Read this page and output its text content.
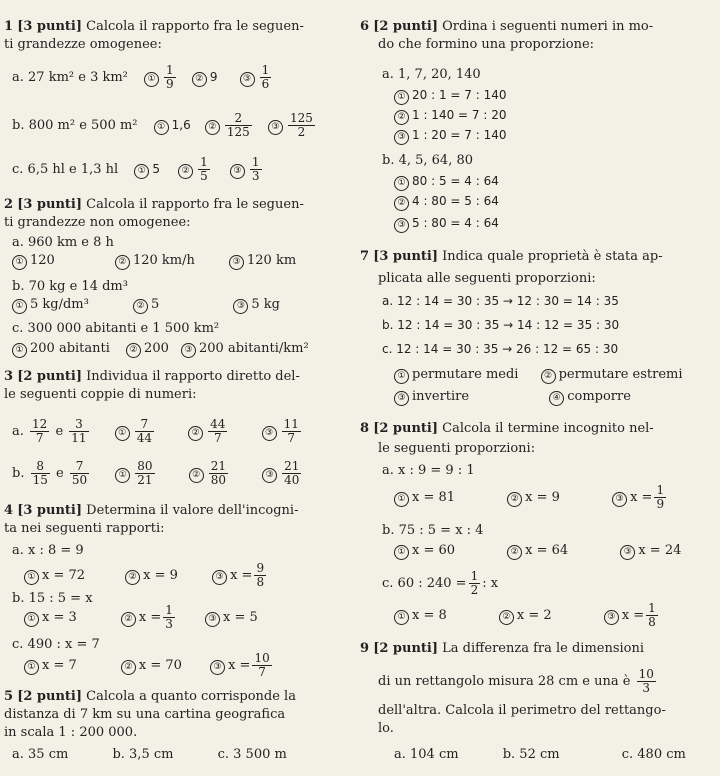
1 [3 punti] Calcola il rapporto fra le seguen-
ti grandezze omogenee:
a. 27 km² e 3 km² ① $\frac{1}{9}$ ② 9	③ $\frac{1}{6}$
b. 800 m² e 500 m² ① 1,6 ② $\frac{2}{125}$ ③ $\frac{125}{2}$
c. 6,5 hl e 1,3 hl ① 5 ② $\frac{1}{5}$	③ $\frac{1}{3}$
2 [3 punti] Calcola il rapporto fra le seguen-
ti grandezze non omogenee:
a. 960 km e 8 h
① 120	② 120 km/h	③ 120 km
b. 70 kg e 14 dm³
① 5 kg/dm³	② 5	③ 5 kg
c. 300 000 abitanti e 1 500 km²
① 200 abitanti ② 200 ③ 200 abitanti/km²
3 [2 punti] Individua il rapporto diretto del-
le seguenti coppie di numeri:
a. $\frac{12}{7}$ e $\frac{3}{11}$	① $\frac{7}{44}$	② $\frac{44}{7}$	③ $\frac{11}{7}$
b. $\frac{8}{15}$ e $\frac{7}{50}$	① $\frac{80}{21}$	② $\frac{21}{80}$	③ $\frac{21}{40}$
4 [3 punti] Determina il valore dell'incogni-
ta nei seguenti rapporti:
a. x : 8 = 9
① x = 72	② x = 9	③ $x = \frac{9}{8}$
b. 15 : 5 = x
① x = 3	② $x = \frac{1}{3}$	③ x = 5
c. 490 : x = 7
① x = 7	② x = 70	③ $x = \frac{10}{7}$
5 [2 punti] Calcola a quanto corrisponde la
distanza di 7 km su una cartina geografica
in scala 1 : 200 000.
a. 35 cm	b. 3,5 cm	c. 3 500 m
6 [2 punti] Ordina i seguenti numeri in mo-
do che formino una proporzione:
a. 1, 7, 20, 140
① 20 : 1 = 7 : 140
② 1 : 140 = 7 : 20
③ 1 : 20 = 7 : 140
b. 4, 5, 64, 80
① 80 : 5 = 4 : 64
② 4 : 80 = 5 : 64
③ 5 : 80 = 4 : 64
7 [3 punti] Indica quale proprietà è stata ap-
plicata alle seguenti proporzioni:
a. 12 : 14 = 30 : 35 → 12 : 30 = 14 : 35
b. 12 : 14 = 30 : 35 → 14 : 12 = 35 : 30
c. 12 : 14 = 30 : 35 → 26 : 12 = 65 : 30
① permutare medi	② permutare estremi
③ invertire	④ comporre
8 [2 punti] Calcola il termine incognito nel-
le seguenti proporzioni:
a. x : 9 = 9 : 1
① x = 81	② x = 9	③ $x = \frac{1}{9}$
b. 75 : 5 = x : 4
① x = 60	② x = 64	③ x = 24
c. 60 : $240 = \frac{1}{2}$ : x
① x = 8	② x = 2	③ $x = \frac{1}{8}$
9 [2 punti] La differenza fra le dimensioni
di un rettangolo misura 28 cm e una è $\frac{10}{3}$
dell'altra. Calcola il perimetro del rettango-
lo.
a. 104 cm	b. 52 cm	c. 480 cm
